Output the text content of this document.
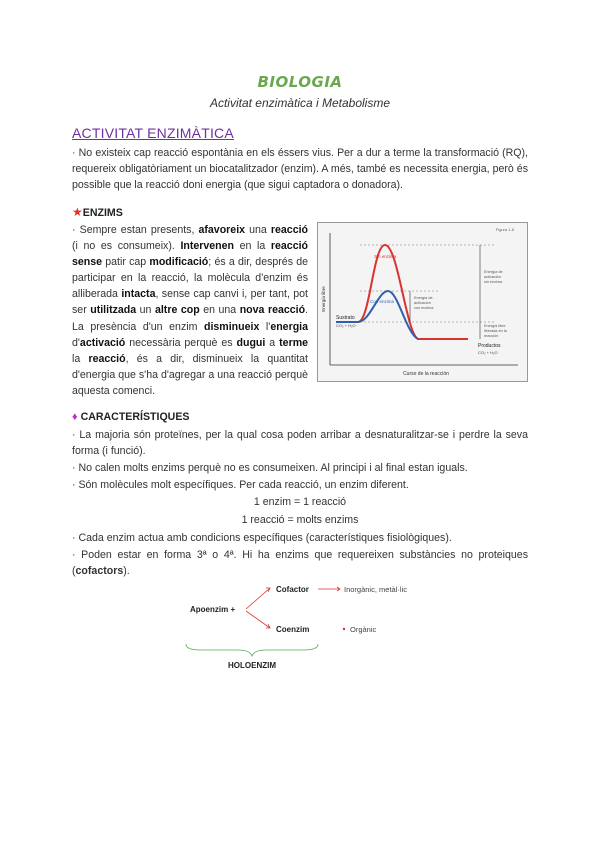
BIOLOGIA
Activitat enzimàtica i Metabolisme
ACTIVITAT ENZIMÀTICA
· No existeix cap reacció espontània en els éssers vius. Per a dur a terme la transformació (RQ), requereix obligatòriament un biocatalitzador (enzim). A més, també es necessita energia, però és possible que la reacció doni energia (que sigui captadora o donadora).
★ENZIMS
· Sempre estan presents, afavoreix una reacció (i no es consumeix). Intervenen en la reacció sense patir cap modificació; és a dir, després de participar en la reacció, la molècula d'enzim és alliberada intacta, sense cap canvi i, per tant, pot ser utilitzada un altre cop en una nova reacció. La presència d'un enzim disminueix l'energia d'activació necessària perquè es dugui a terme la reacció, és a dir, disminueix la quantitat d'energia que s'ha d'agregar a una reacció perquè aquesta comenci.
Figura 1-8
Energía libre
Curso de la reacción
Sin enzima
Con enzima
Sustrato
CO₂ + H₂O
Productos
CO₂ + H₂O
Energía de activación con enzima
Energía de activación sin enzima
Energía libre liberada en la reacción
♦ CARACTERÍSTIQUES
· La majoria són proteïnes, per la qual cosa poden arribar a desnaturalitzar-se i perdre la seva forma (i funció).
· No calen molts enzims perquè no es consumeixen. Al principi i al final estan iguals.
· Són molècules molt específiques. Per cada reacció, un enzim diferent.
1 enzim = 1 reacció
1 reacció = molts enzims
· Cada enzim actua amb condicions específiques (característiques fisiològiques).
· Poden estar en forma 3ª o 4ª. Hi ha enzims que requereixen substàncies no proteiques (cofactors).
Apoenzim +
Cofactor
Coenzim
Inorgànic, metàl·lic
Orgànic
HOLOENZIM
